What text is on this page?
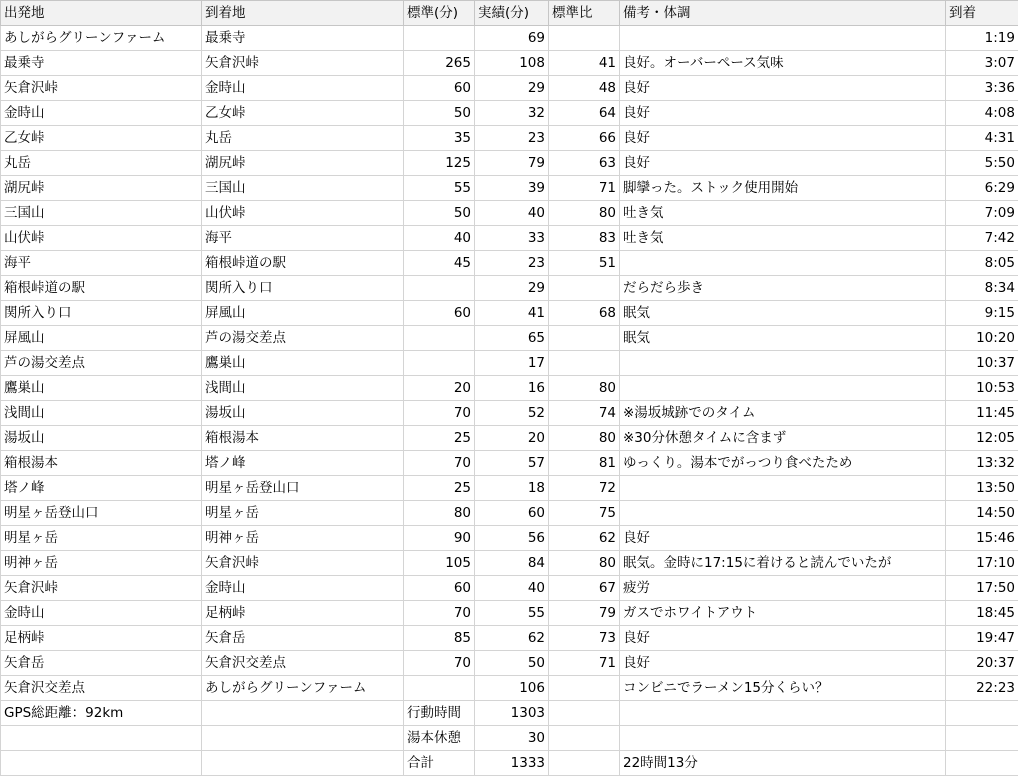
出発地	到着地	標準(分)	実績(分)	標準比	備考・体調	到着
あしがらグリーンファーム	最乗寺		69			1:19
最乗寺	矢倉沢峠	265	108	41	良好。オーバーペース気味	3:07
矢倉沢峠	金時山	60	29	48	良好	3:36
金時山	乙女峠	50	32	64	良好	4:08
乙女峠	丸岳	35	23	66	良好	4:31
丸岳	湖尻峠	125	79	63	良好	5:50
湖尻峠	三国山	55	39	71	脚攣った。ストック使用開始	6:29
三国山	山伏峠	50	40	80	吐き気	7:09
山伏峠	海平	40	33	83	吐き気	7:42
海平	箱根峠道の駅	45	23	51		8:05
箱根峠道の駅	関所入り口		29		だらだら歩き	8:34
関所入り口	屏風山	60	41	68	眠気	9:15
屏風山	芦の湯交差点		65		眠気	10:20
芦の湯交差点	鷹巣山		17			10:37
鷹巣山	浅間山	20	16	80		10:53
浅間山	湯坂山	70	52	74	※湯坂城跡でのタイム	11:45
湯坂山	箱根湯本	25	20	80	※30分休憩タイムに含まず	12:05
箱根湯本	塔ノ峰	70	57	81	ゆっくり。湯本でがっつり食べたため	13:32
塔ノ峰	明星ヶ岳登山口	25	18	72		13:50
明星ヶ岳登山口	明星ヶ岳	80	60	75		14:50
明星ヶ岳	明神ヶ岳	90	56	62	良好	15:46
明神ヶ岳	矢倉沢峠	105	84	80	眠気。金時に17:15に着けると読んでいたが	17:10
矢倉沢峠	金時山	60	40	67	疲労	17:50
金時山	足柄峠	70	55	79	ガスでホワイトアウト	18:45
足柄峠	矢倉岳	85	62	73	良好	19:47
矢倉岳	矢倉沢交差点	70	50	71	良好	20:37
矢倉沢交差点	あしがらグリーンファーム		106		コンビニでラーメン15分くらい？	22:23
GPS総距離：92km		行動時間	1303			
		湯本休憩	30			
		合計	1333		22時間13分	
